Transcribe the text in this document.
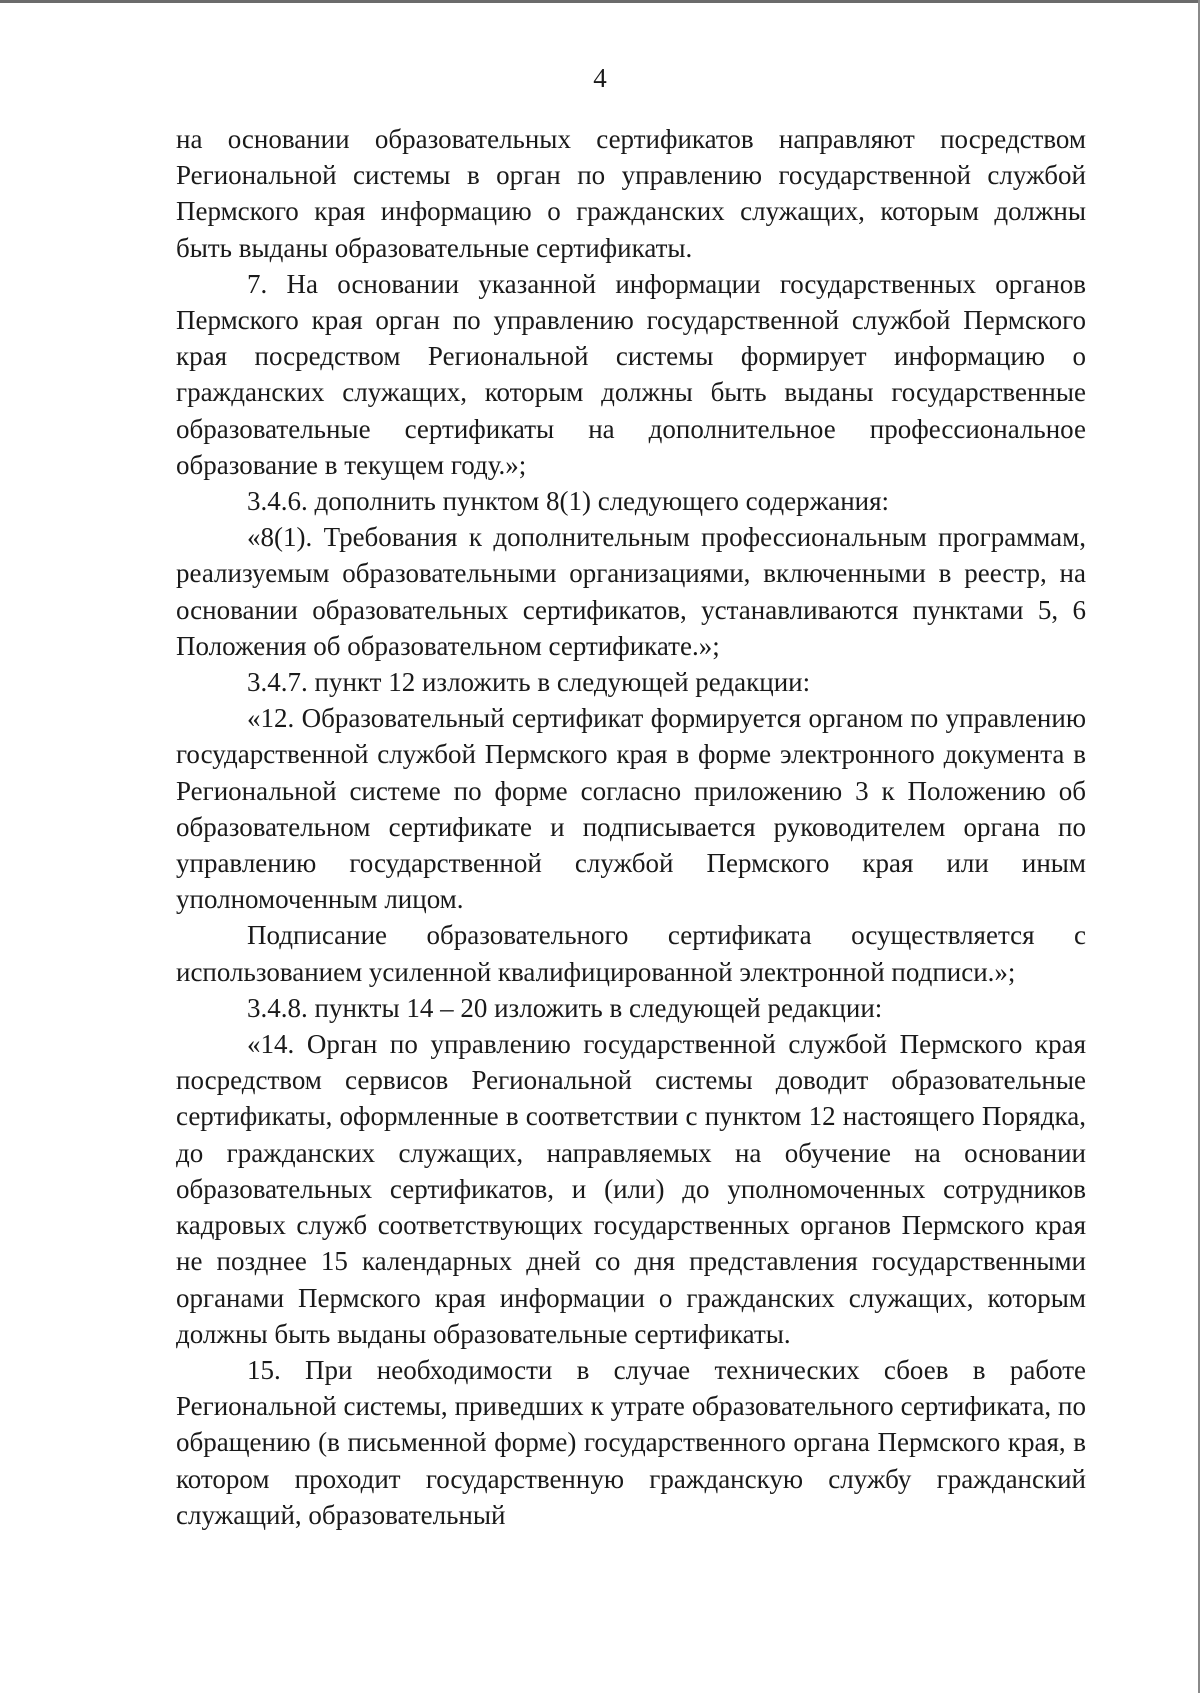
4

на основании образовательных сертификатов направляют посредством Региональной системы в орган по управлению государственной службой Пермского края информацию о гражданских служащих, которым должны быть выданы образовательные сертификаты.

7. На основании указанной информации государственных органов Пермского края орган по управлению государственной службой Пермского края посредством Региональной системы формирует информацию о гражданских служащих, которым должны быть выданы государственные образовательные сертификаты на дополнительное профессиональное образование в текущем году.»;

3.4.6. дополнить пунктом 8(1) следующего содержания:

«8(1). Требования к дополнительным профессиональным программам, реализуемым образовательными организациями, включенными в реестр, на основании образовательных сертификатов, устанавливаются пунктами 5, 6 Положения об образовательном сертификате.»;

3.4.7. пункт 12 изложить в следующей редакции:

«12. Образовательный сертификат формируется органом по управлению государственной службой Пермского края в форме электронного документа в Региональной системе по форме согласно приложению 3 к Положению об образовательном сертификате и подписывается руководителем органа по управлению государственной службой Пермского края или иным уполномоченным лицом.

Подписание образовательного сертификата осуществляется с использованием усиленной квалифицированной электронной подписи.»;

3.4.8. пункты 14 – 20 изложить в следующей редакции:

«14. Орган по управлению государственной службой Пермского края посредством сервисов Региональной системы доводит образовательные сертификаты, оформленные в соответствии с пунктом 12 настоящего Порядка, до гражданских служащих, направляемых на обучение на основании образовательных сертификатов, и (или) до уполномоченных сотрудников кадровых служб соответствующих государственных органов Пермского края не позднее 15 календарных дней со дня представления государственными органами Пермского края информации о гражданских служащих, которым должны быть выданы образовательные сертификаты.

15. При необходимости в случае технических сбоев в работе Региональной системы, приведших к утрате образовательного сертификата, по обращению (в письменной форме) государственного органа Пермского края, в котором проходит государственную гражданскую службу гражданский служащий, образовательный
